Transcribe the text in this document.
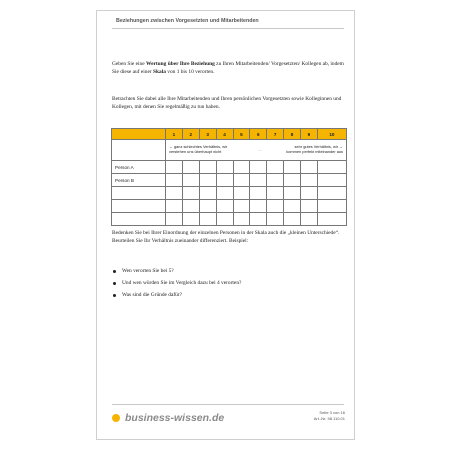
Beziehungen zwischen Vorgesetzten und Mitarbeitenden

Geben Sie eine Wertung über Ihre Beziehung zu Ihren Mitarbeitenden/ Vorgesetzten/ Kollegen ab, indem Sie diese auf einer Skala von 1 bis 10 verorten.

Betrachten Sie dabei alle Ihre Mitarbeitenden und Ihren persönlichen Vorgesetzten sowie Kolleginnen und Kollegen, mit denen Sie regelmäßig zu tun haben.

	1	2	3	4	5	6	7	8	9	10

	← ganz schlechtes Verhältnis, wir verstehen uns überhaupt nicht … sehr gutes Verhältnis, wir → kommen perfekt miteinander aus									

Person A										
Person B										

Bedenken Sie bei Ihrer Einordnung der einzelnen Personen in der Skala auch die „kleinen Unterschiede“. Beurteilen Sie Ihr Verhältnis zueinander differenziert. Beispiel:

Wen verorten Sie bei 5?
Und wen würden Sie im Vergleich dazu bei 4 verorten?
Was sind die Gründe dafür?
business-wissen.de	Seite 3 von 16
Art.-Nr. 98.110.01
